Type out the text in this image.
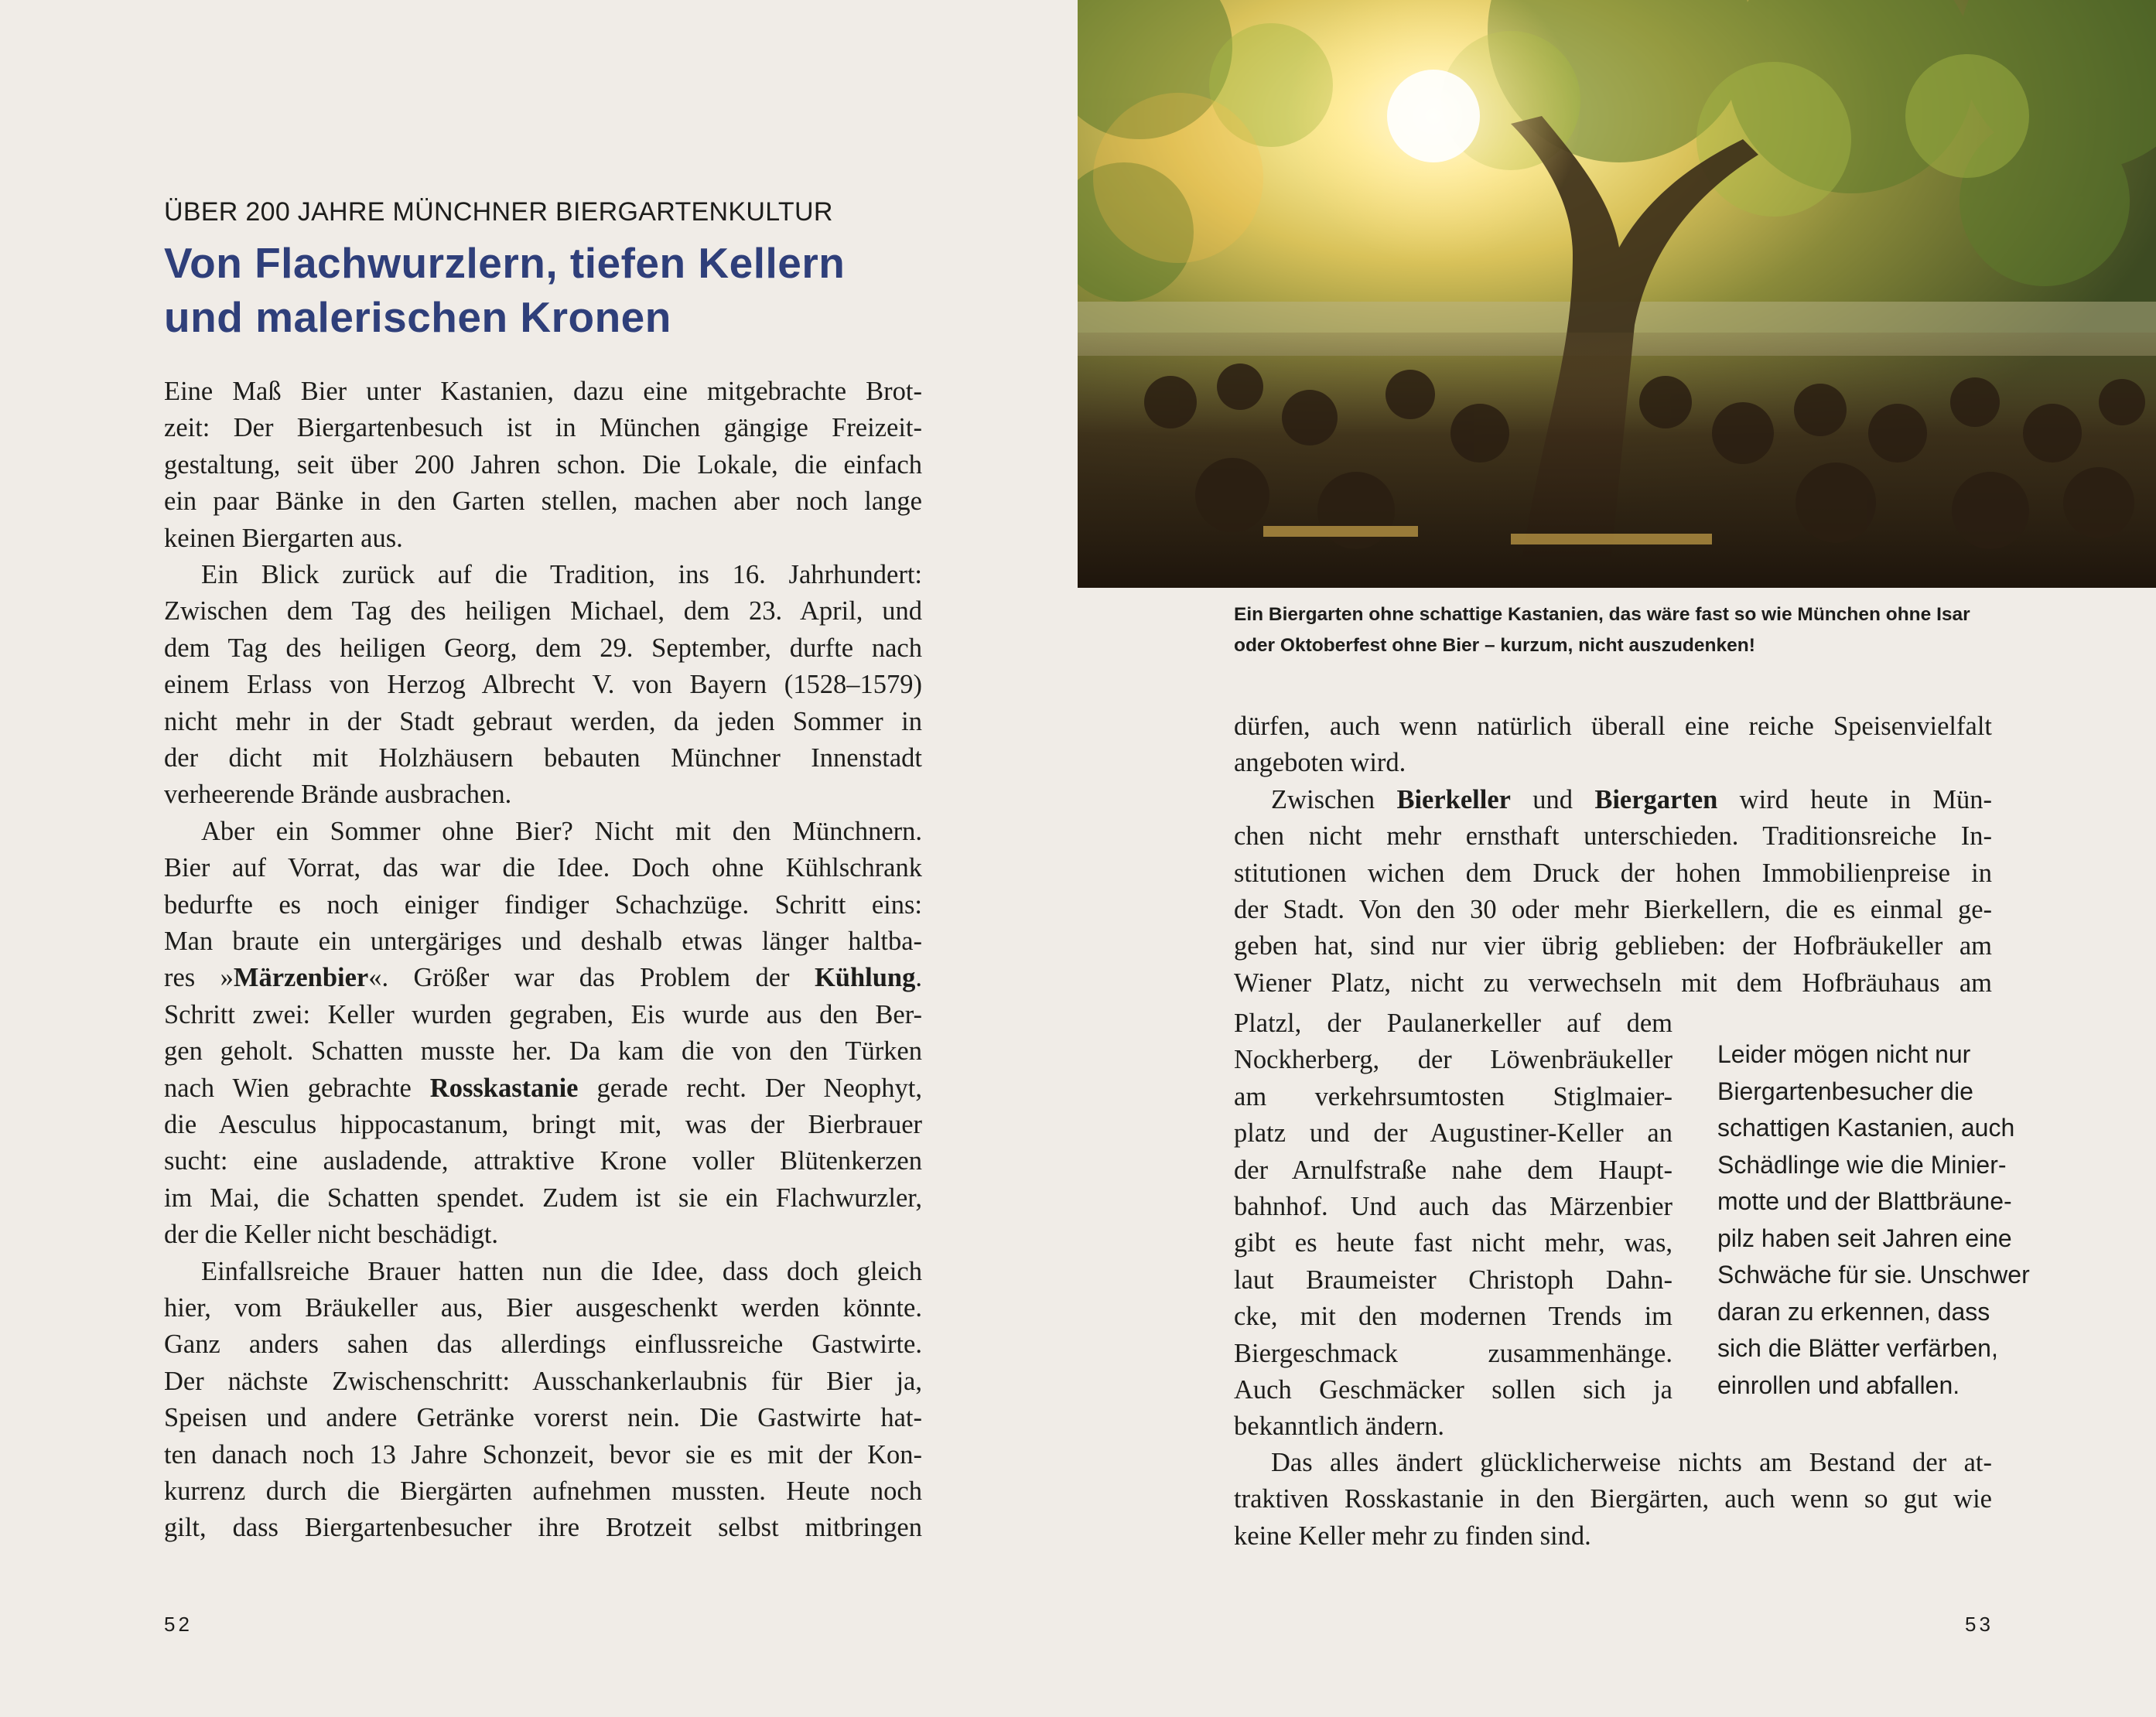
ÜBER 200 JAHRE MÜNCHNER BIERGARTENKULTUR
Von Flachwurzlern, tiefen Kellern
und malerischen Kronen
Eine Maß Bier unter Kastanien, dazu eine mitgebrachte Brot-
zeit: Der Biergartenbesuch ist in München gängige Freizeit-
gestaltung, seit über 200 Jahren schon. Die Lokale, die einfach
ein paar Bänke in den Garten stellen, machen aber noch lange
keinen Biergarten aus.
Ein Blick zurück auf die Tradition, ins 16. Jahrhundert:
Zwischen dem Tag des heiligen Michael, dem 23. April, und
dem Tag des heiligen Georg, dem 29. September, durfte nach
einem Erlass von Herzog Albrecht V. von Bayern (1528–1579)
nicht mehr in der Stadt gebraut werden, da jeden Sommer in
der dicht mit Holzhäusern bebauten Münchner Innenstadt
verheerende Brände ausbrachen.
Aber ein Sommer ohne Bier? Nicht mit den Münchnern.
Bier auf Vorrat, das war die Idee. Doch ohne Kühlschrank
bedurfte es noch einiger findiger Schachzüge. Schritt eins:
Man braute ein untergäriges und deshalb etwas länger haltba-
res »Märzenbier«. Größer war das Problem der Kühlung.
Schritt zwei: Keller wurden gegraben, Eis wurde aus den Ber-
gen geholt. Schatten musste her. Da kam die von den Türken
nach Wien gebrachte Rosskastanie gerade recht. Der Neophyt,
die Aesculus hippocastanum, bringt mit, was der Bierbrauer
sucht: eine ausladende, attraktive Krone voller Blütenkerzen
im Mai, die Schatten spendet. Zudem ist sie ein Flachwurzler,
der die Keller nicht beschädigt.
Einfallsreiche Brauer hatten nun die Idee, dass doch gleich
hier, vom Bräukeller aus, Bier ausgeschenkt werden könnte.
Ganz anders sahen das allerdings einflussreiche Gastwirte.
Der nächste Zwischenschritt: Ausschankerlaubnis für Bier ja,
Speisen und andere Getränke vorerst nein. Die Gastwirte hat-
ten danach noch 13 Jahre Schonzeit, bevor sie es mit der Kon-
kurrenz durch die Biergärten aufnehmen mussten. Heute noch
gilt, dass Biergartenbesucher ihre Brotzeit selbst mitbringen
dürfen, auch wenn natürlich überall eine reiche Speisenvielfalt
angeboten wird.
Zwischen Bierkeller und Biergarten wird heute in Mün-
chen nicht mehr ernsthaft unterschieden. Traditionsreiche In-
stitutionen wichen dem Druck der hohen Immobilienpreise in
der Stadt. Von den 30 oder mehr Bierkellern, die es einmal ge-
geben hat, sind nur vier übrig geblieben: der Hofbräukeller am
Wiener Platz, nicht zu verwechseln mit dem Hofbräuhaus am
Platzl, der Paulanerkeller auf dem
Nockherberg, der Löwenbräukeller
am verkehrsumtosten Stiglmaier-
platz und der Augustiner-Keller an
der Arnulfstraße nahe dem Haupt-
bahnhof. Und auch das Märzenbier
gibt es heute fast nicht mehr, was,
laut Braumeister Christoph Dahn-
cke, mit den modernen Trends im
Biergeschmack zusammenhänge.
Auch Geschmäcker sollen sich ja
bekanntlich ändern.
Das alles ändert glücklicherweise nichts am Bestand der at-
traktiven Rosskastanie in den Biergärten, auch wenn so gut wie
keine Keller mehr zu finden sind.
Ein Biergarten ohne schattige Kastanien, das wäre fast so wie München ohne Isar
oder Oktoberfest ohne Bier – kurzum, nicht auszudenken!
Leider mögen nicht nur
Biergartenbesucher die
schattigen Kastanien, auch
Schädlinge wie die Minier-
motte und der Blattbräune-
pilz haben seit Jahren eine
Schwäche für sie. Unschwer
daran zu erkennen, dass
sich die Blätter verfärben,
einrollen und abfallen.
52	53
